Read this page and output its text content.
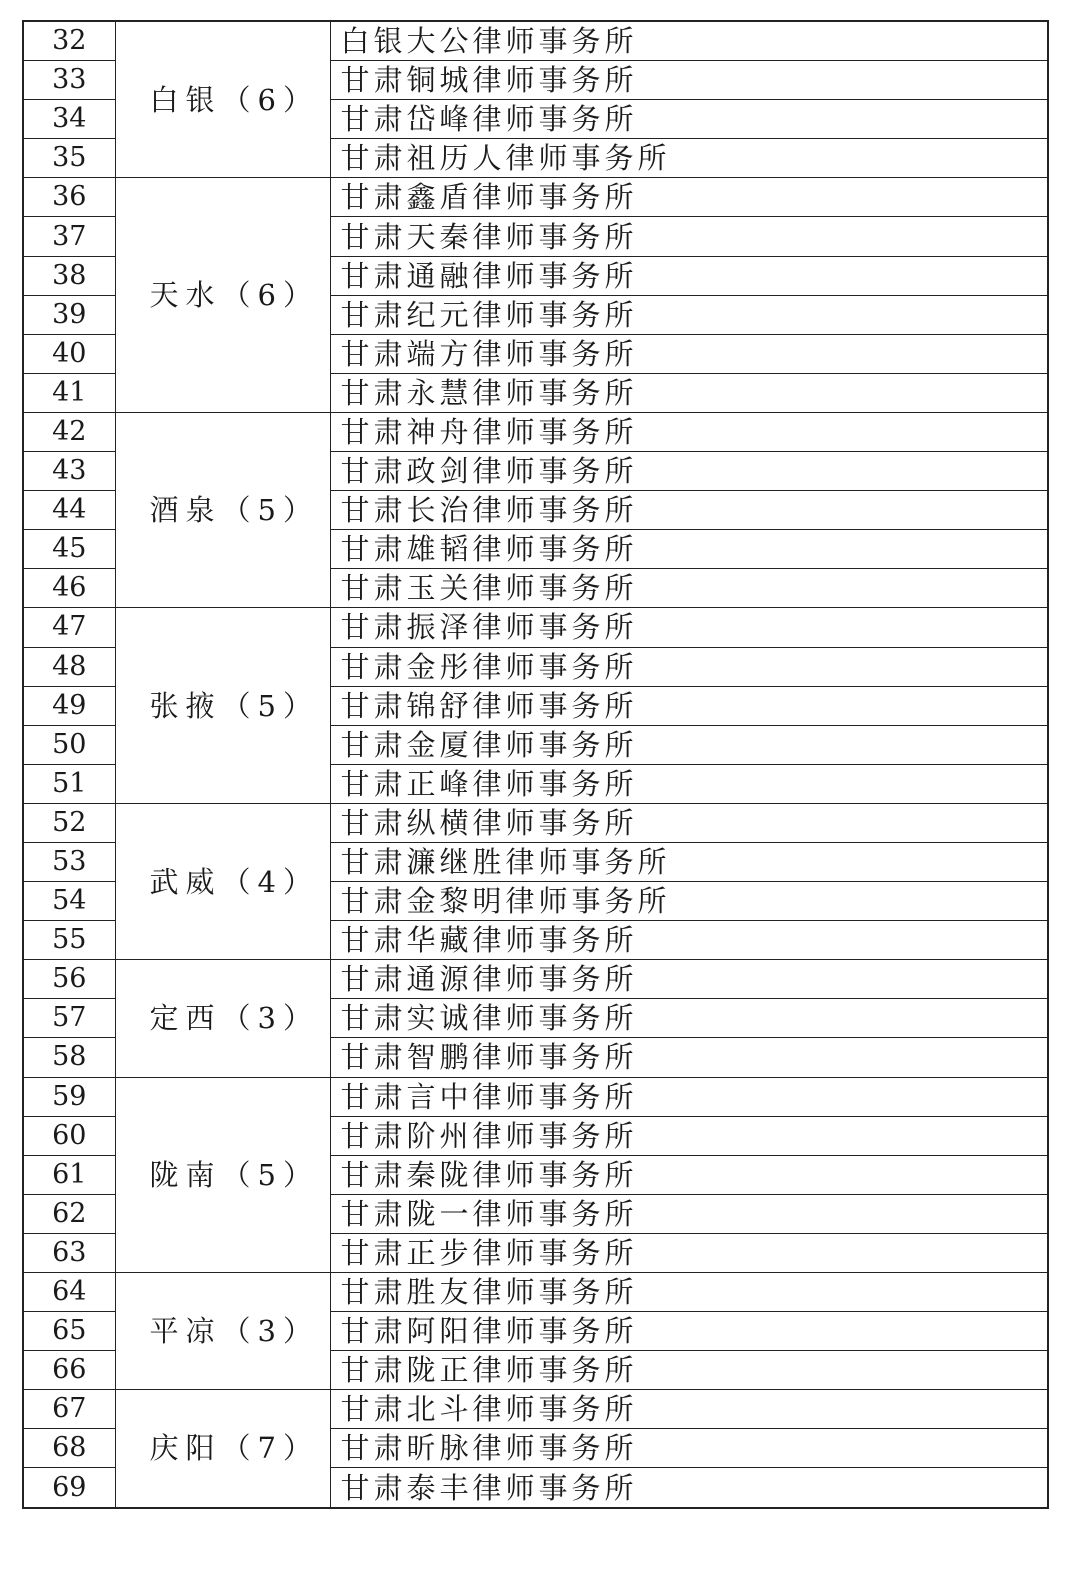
32	白银（6）	白银大公律师事务所
33		甘肃铜城律师事务所
34		甘肃岱峰律师事务所
35		甘肃祖历人律师事务所
36	天水（6）	甘肃鑫盾律师事务所
37		甘肃天秦律师事务所
38		甘肃通融律师事务所
39		甘肃纪元律师事务所
40		甘肃端方律师事务所
41		甘肃永慧律师事务所
42	酒泉（5）	甘肃神舟律师事务所
43		甘肃政剑律师事务所
44		甘肃长治律师事务所
45		甘肃雄韬律师事务所
46		甘肃玉关律师事务所
47	张掖（5）	甘肃振泽律师事务所
48		甘肃金彤律师事务所
49		甘肃锦舒律师事务所
50		甘肃金厦律师事务所
51		甘肃正峰律师事务所
52	武威（4）	甘肃纵横律师事务所
53		甘肃濂继胜律师事务所
54		甘肃金黎明律师事务所
55		甘肃华藏律师事务所
56	定西（3）	甘肃通源律师事务所
57		甘肃实诚律师事务所
58		甘肃智鹏律师事务所
59	陇南（5）	甘肃言中律师事务所
60		甘肃阶州律师事务所
61		甘肃秦陇律师事务所
62		甘肃陇一律师事务所
63		甘肃正步律师事务所
64	平凉（3）	甘肃胜友律师事务所
65		甘肃阿阳律师事务所
66		甘肃陇正律师事务所
67	庆阳（7）	甘肃北斗律师事务所
68		甘肃昕脉律师事务所
69		甘肃泰丰律师事务所
